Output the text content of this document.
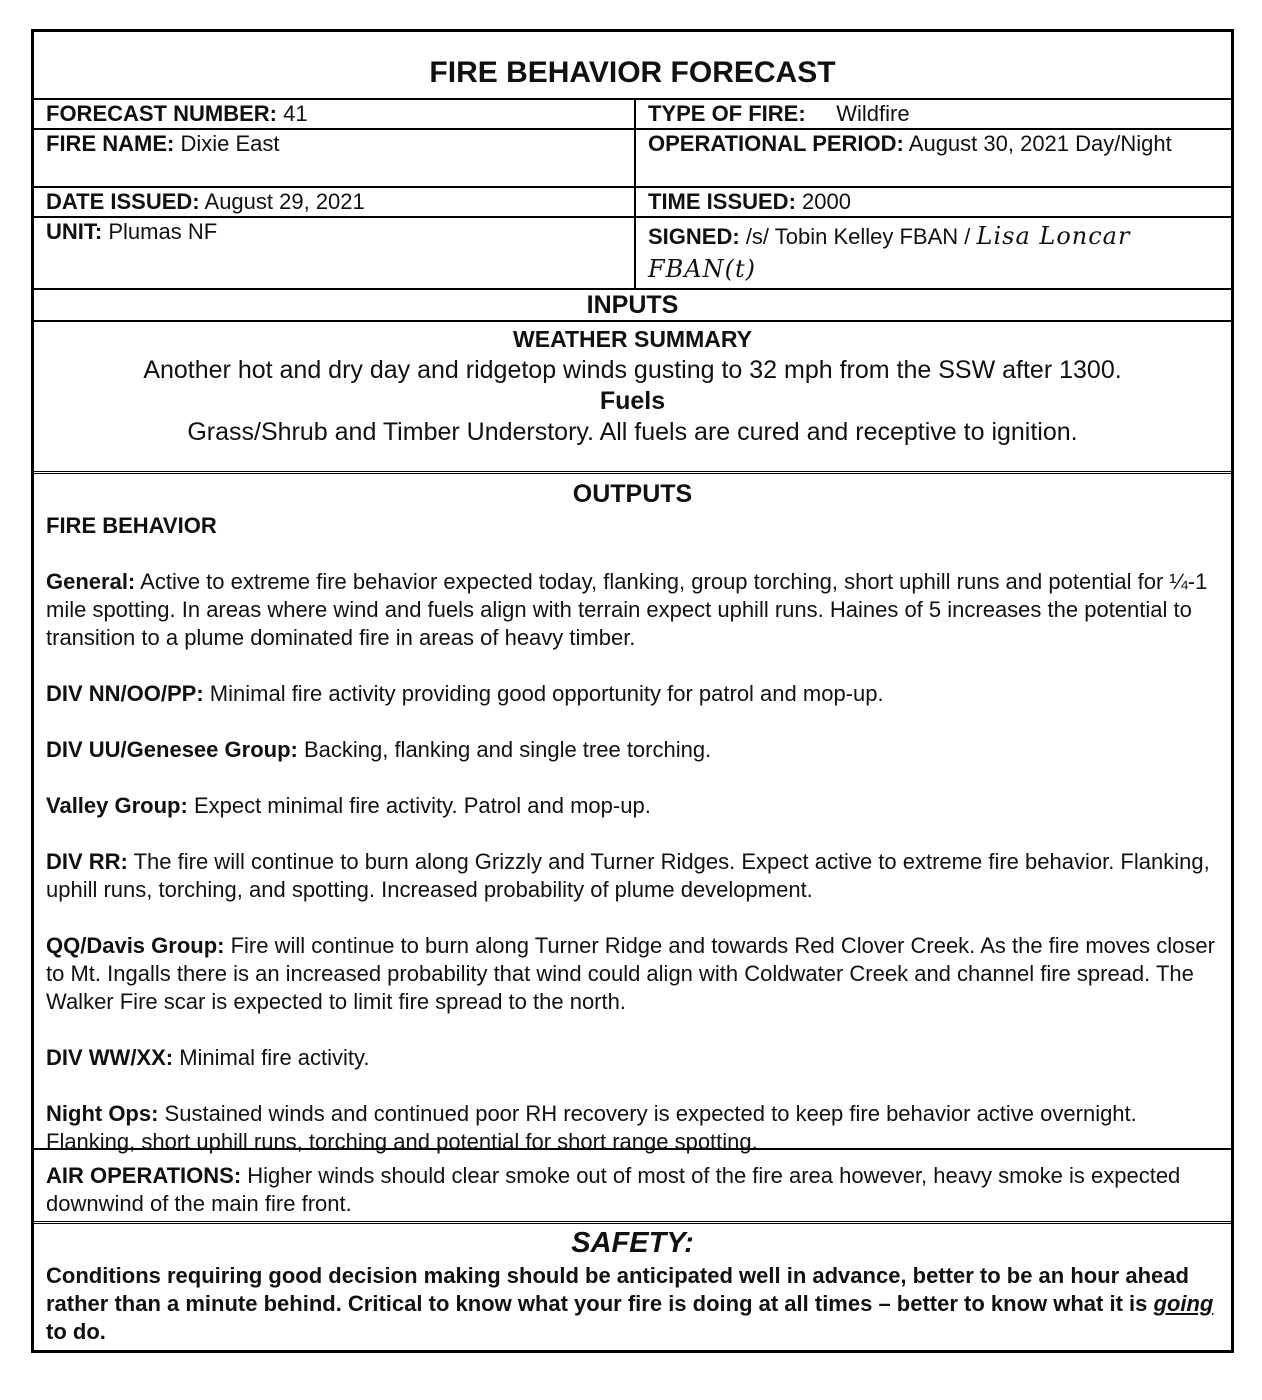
FIRE BEHAVIOR FORECAST
FORECAST NUMBER: 41	TYPE OF FIRE: Wildfire
FIRE NAME: Dixie East	OPERATIONAL PERIOD: August 30, 2021 Day/Night
DATE ISSUED: August 29, 2021	TIME ISSUED: 2000
UNIT: Plumas NF	SIGNED: /s/ Tobin Kelley FBAN / Lisa Loncar FBAN(t)
INPUTS
WEATHER SUMMARY
Another hot and dry day and ridgetop winds gusting to 32 mph from the SSW after 1300.
Fuels
Grass/Shrub and Timber Understory. All fuels are cured and receptive to ignition.
OUTPUTS

FIRE BEHAVIOR

General: Active to extreme fire behavior expected today, flanking, group torching, short uphill runs and potential for ¼-1 mile spotting. In areas where wind and fuels align with terrain expect uphill runs. Haines of 5 increases the potential to transition to a plume dominated fire in areas of heavy timber.

DIV NN/OO/PP: Minimal fire activity providing good opportunity for patrol and mop-up.

DIV UU/Genesee Group: Backing, flanking and single tree torching.

Valley Group: Expect minimal fire activity. Patrol and mop-up.

DIV RR: The fire will continue to burn along Grizzly and Turner Ridges. Expect active to extreme fire behavior. Flanking, uphill runs, torching, and spotting. Increased probability of plume development.

QQ/Davis Group: Fire will continue to burn along Turner Ridge and towards Red Clover Creek. As the fire moves closer to Mt. Ingalls there is an increased probability that wind could align with Coldwater Creek and channel fire spread. The Walker Fire scar is expected to limit fire spread to the north.

DIV WW/XX: Minimal fire activity.

Night Ops: Sustained winds and continued poor RH recovery is expected to keep fire behavior active overnight. Flanking, short uphill runs, torching and potential for short range spotting.

AIR OPERATIONS: Higher winds should clear smoke out of most of the fire area however, heavy smoke is expected downwind of the main fire front.
SAFETY:
Conditions requiring good decision making should be anticipated well in advance, better to be an hour ahead rather than a minute behind. Critical to know what your fire is doing at all times – better to know what it is going to do.
